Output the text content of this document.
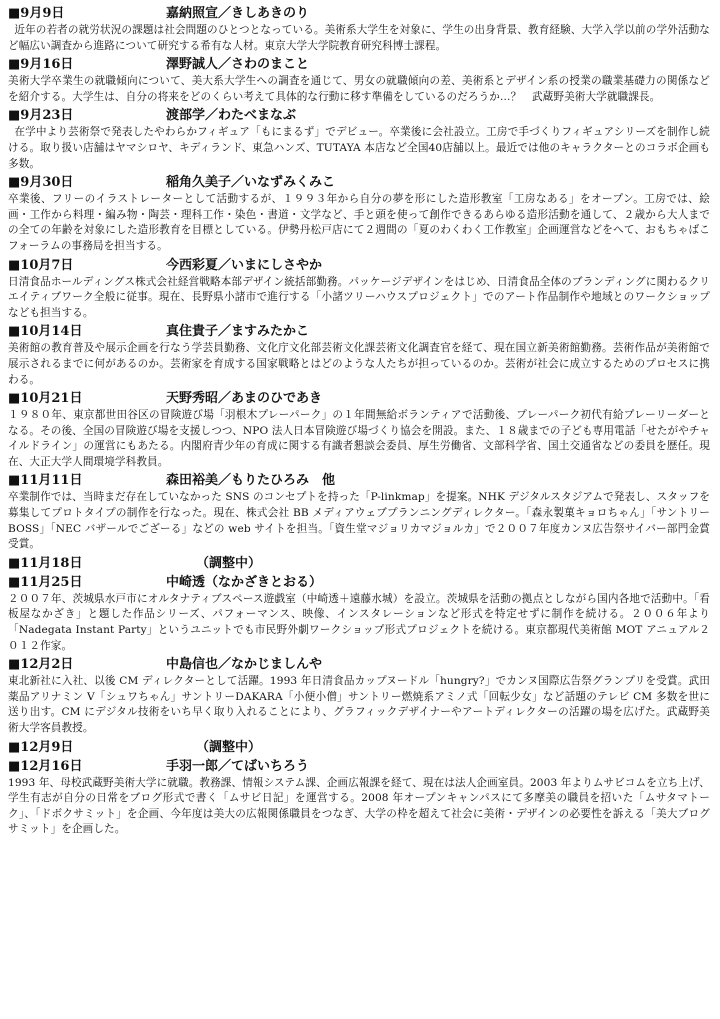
■9月9日	嘉納照宣／きしあきのり

近年の若者の就労状況の課題は社会問題のひとつとなっている。美術系大学生を対象に、学生の出身背景、教育経験、大学入学以前の学外活動など幅広い調査から進路について研究する希有な人材。東京大学大学院教育研究科博士課程。

■9月16日	澤野誠人／さわのまこと

美術大学卒業生の就職傾向について、美大系大学生への調査を通じて、男女の就職傾向の差、美術系とデザイン系の授業の職業基礎力の関係などを紹介する。大学生は、自分の将来をどのくらい考えて具体的な行動に移す準備をしているのだろうか…？　武蔵野美術大学就職課長。

■9月23日	渡部学／わたべまなぶ

在学中より芸術祭で発表したやわらかフィギュア「もにまるず」でデビュー。卒業後に会社設立。工房で手づくりフィギュアシリーズを制作し続ける。取り扱い店舗はヤマシロヤ、キディランド、東急ハンズ、TUTAYA 本店など全国40店舗以上。最近では他のキャラクターとのコラボ企画も多数。

■9月30日	稲角久美子／いなずみくみこ

卒業後、フリーのイラストレーターとして活動するが、１９９３年から自分の夢を形にした造形教室「工房なある」をオープン。工房では、絵画・工作から料理・編み物・陶芸・理科工作・染色・書道・文学など、手と頭を使って創作できるあらゆる造形活動を通して、２歳から大人までの全ての年齢を対象にした造形教育を目標としている。伊勢丹松戸店にて２週間の「夏のわくわく工作教室」企画運営などをへて、おもちゃばこフォーラムの事務局を担当する。

■10月7日	今西彩夏／いまにしさやか

日清食品ホールディングス株式会社経営戦略本部デザイン統括部勤務。パッケージデザインをはじめ、日清食品全体のブランディングに関わるクリエイティブワーク全般に従事。現在、長野県小諸市で進行する「小諸ツリーハウスプロジェクト」でのアート作品制作や地域とのワークショップなども担当する。

■10月14日	真住貴子／ますみたかこ

美術館の教育普及や展示企画を行なう学芸員勤務、文化庁文化部芸術文化課芸術文化調査官を経て、現在国立新美術館勤務。芸術作品が美術館で展示されるまでに何があるのか。芸術家を育成する国家戦略とはどのような人たちが担っているのか。芸術が社会に成立するためのプロセスに携わる。

■10月21日	天野秀昭／あまのひであき

１９８０年、東京都世田谷区の冒険遊び場「羽根木プレーパーク」の１年間無給ボランティアで活動後、プレーパーク初代有給プレーリーダーとなる。その後、全国の冒険遊び場を支援しつつ、NPO 法人日本冒険遊び場づくり協会を開設。また、１８歳までの子ども専用電話「せたがやチャイルドライン」の運営にもあたる。内閣府青少年の育成に関する有識者懇談会委員、厚生労働省、文部科学省、国土交通省などの委員を歴任。現在、大正大学人間環境学科教員。

■11月11日	森田裕美／もりたひろみ　他

卒業制作では、当時まだ存在していなかった SNS のコンセプトを持った「P-linkmap」を提案。NHK デジタルスタジアムで発表し、スタッフを募集してプロトタイプの制作を行なった。現在、株式会社 BB メディアウェブプランニングディレクター。「森永製菓キョロちゃん」「サントリーBOSS」「NEC バザールでござーる」などの web サイトを担当。「資生堂マジョリカマジョルカ」で２００７年度カンヌ広告祭サイバー部門金賞受賞。

■11月18日	（調整中）
■11月25日	中崎透（なかざきとおる）

２００７年、茨城県水戸市にオルタナティブスペース遊戯室（中崎透＋遠藤水城）を設立。茨城県を活動の拠点としながら国内各地で活動中。「看板屋なかざき」と題した作品シリーズ、パフォーマンス、映像、インスタレーションなど形式を特定せずに制作を続ける。２００６年より「Nadegata Instant Party」というユニットでも市民野外劇ワークショップ形式プロジェクトを続ける。東京都現代美術館 MOT アニュアル２０１２作家。

■12月2日	中島信也／なかじましんや

東北新社に入社、以後 CM ディレクターとして活躍。1993 年日清食品カップヌードル「hungry?」でカンヌ国際広告祭グランプリを受賞。武田薬品アリナミン V「シュワちゃん」サントリーDAKARA「小便小僧」サントリー燃焼系アミノ式「回転少女」など話題のテレビ CM 多数を世に送り出す。CM にデジタル技術をいち早く取り入れることにより、グラフィックデザイナーやアートディレクターの活躍の場を広げた。武蔵野美術大学客員教授。

■12月9日	（調整中）
■12月16日	手羽一郎／てばいちろう

1993 年、母校武蔵野美術大学に就職。教務課、情報システム課、企画広報課を経て、現在は法人企画室員。2003 年よりムサビコムを立ち上げ、学生有志が自分の日常をブログ形式で書く「ムサビ日記」を運営する。2008 年オープンキャンパスにて多摩美の職員を招いた「ムサタマトーク」、「ドボクサミット」を企画、今年度は美大の広報関係職員をつなぎ、大学の枠を超えて社会に美術・デザインの必要性を訴える「美大ブログサミット」を企画した。
